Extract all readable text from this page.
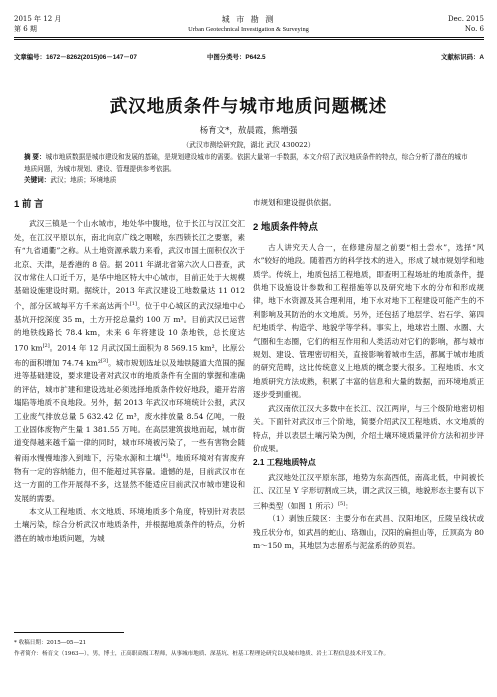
2015 年 12 月
第 6 期
城 市 勘 测
Urban Geotechnical Investigation & Surveying
Dec. 2015
No. 6
文章编号：1672－8262(2015)06－147－07	中图分类号：P642.5	文献标识码：A
武汉地质条件与城市地质问题概述
杨育文*，敖晨霞，熊增强
（武汉市测绘研究院，湖北 武汉 430022）
摘 要：城市地质数据是城市建设和发展的基础，是规划建设城市的需要。依据大量第一手数据，本文介绍了武汉地质条件的特点，综合分析了潜在的城市地质问题，为城市规划、建设、管理提供参考依据。
关键词：武汉；地质；环境地质
1 前 言

武汉三镇是一个山水城市，地处华中腹地，位于长江与汉江交汇处，在江汉平原以东，南北向京广线之咽喉，东西锁长江之要塞，素有“九省通衢”之称。从土地资源承载力来看，武汉市国土面积仅次于北京、天津，是香港的 8 倍。据 2011 年湖北省第六次人口普查，武汉市常住人口近千万，是华中地区特大中心城市，目前正处于大规模基础设施建设时期。据统计，2013 年武汉建设工地数量达 11 012 个，部分区域每平方千米高达两个[1]。位于中心城区的武汉绿地中心基坑开挖深度 35 m，土方开挖总量约 100 万 m³。目前武汉已运营的地铁线路长 78.4 km，未来 6 年将建设 10 条地铁，总长度达 170 km[2]。2014 年 12 月武汉国土面积为 8 569.15 km²，比原公布的面积增加 74.74 km²[3]。城市规划选址以及地铁隧道大范围的掘进等基础建设，要求建设者对武汉市的地质条件有全面的掌握和准确的评估，城市扩建和建设选址必须选择地质条件较好地段，避开岩溶塌陷等地质不良地段。另外，据 2013 年武汉市环境统计公报，武汉工业废气排放总量 5 632.42 亿 m³，废水排放量 8.54 亿吨，一般工业固体废物产生量 1 381.55 万吨。在高层建筑拔地而起，城市街道变得越来越千篇一律的同时，城市环境被污染了，一些有害物会随着雨水慢慢地渗入到地下，污染水源和土壤[4]。地质环境对有害废弃物有一定的容纳能力，但不能超过其容量。遗憾的是，目前武汉市在这一方面的工作开展得不多，这显然不能适应目前武汉市城市建设和发展的需要。

本文从工程地质、水文地质、环境地质多个角度，特别针对表层土壤污染，综合分析武汉市地质条件，并根据地质条件的特点，分析潜在的城市地质问题，为城

市规划和建设提供依据。

2 地质条件特点

古人讲究天人合一，在修建房屋之前要“相土尝水”，选择“风水”较好的地段。随着西方的科学技术的进入，形成了城市规划学和地质学。传统上，地质包括工程地质，即查明工程场址的地质条件，提供地下设施设计参数和工程措施等以及研究地下水的分布和形成规律，地下水资源及其合理利用，地下水对地下工程建设可能产生的不利影响及其防治的水文地质。另外，还包括了地层学、岩石学、第四纪地质学、构造学、地貌学等学科。事实上，地球岩土圈、水圈、大气圈和生态圈，它们的相互作用和人类活动对它们的影响，都与城市规划、建设、管理密切相关，直接影响着城市生活，都属于城市地质的研究范畴，这比传统意义上地质的概念要大很多。工程地质、水文地质研究方法成熟，积累了丰富的信息和大量的数据，而环境地质正逐步受到重视。

武汉南依江汉大多数中在长江、汉江两岸，与三个级阶地密切相关。下面针对武汉市三个阶地，简要介绍武汉工程地质、水文地质的特点，并以表层土壤污染为例，介绍土壤环境质量评价方法和初步评价成果。

2.1 工程地质特点

武汉地处江汉平原东部，地势为东高西低，南高北低，中间被长江、汉江呈 Y 字形切割成三块，谓之武汉三镇，地貌形态主要有以下三种类型（如图 1 所示）[5]：

（1）剥蚀丘陵区：主要分布在武昌、汉阳地区，丘陵呈线状或残丘状分布，如武昌的蛇山、珞珈山，汉阳的扁担山等，丘顶高为 80 m～150 m，其地层为志留系与泥盆系的砂页岩。

* 收稿日期：2015—05—21
作者简介：杨育文（1963—），男，博士，正高职高级工程师，从事城市地质、深基坑、桩基工程理论研究以及城市地质、岩土工程信息技术开发工作。
